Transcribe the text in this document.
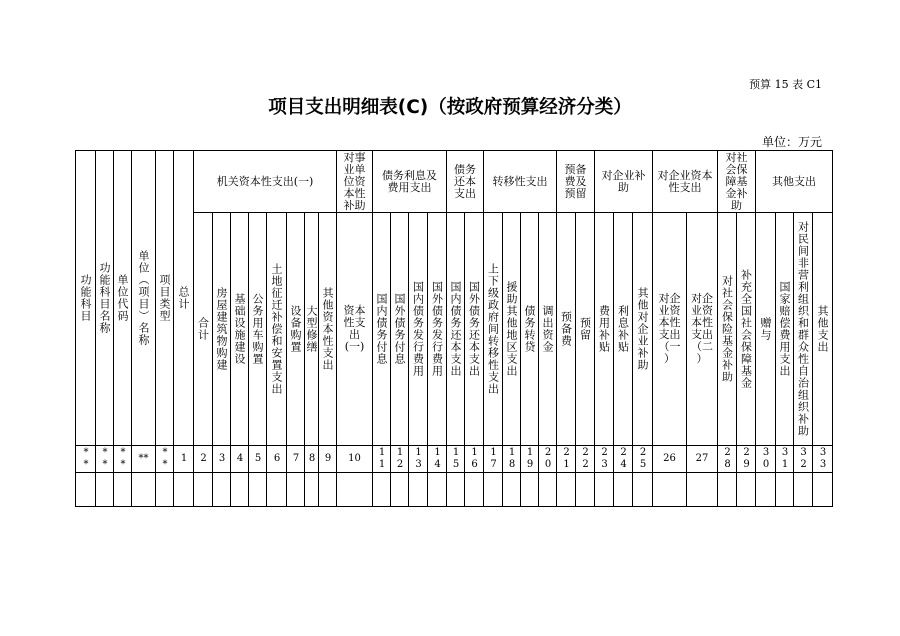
预算 15 表 C1
项目支出明细表(C)（按政府预算经济分类）
单位：万元
功能科目 功能科目名称 单位代码 单位（项目）名称 项目类型 总计
机关资本性支出(一)
对事业单位资本性补助
债务利息及费用支出
债务还本支出
转移性支出
预备费及预留
对企业补助
对企业资本性支出
对社会保障基金补助
其他支出
合计 房屋建筑物购建 基础设施建设 公务用车购置 土地征迁补偿和安置支出 设备购置 大型修缮 其他资本性支出 资本性支出(一) 国内债务付息 国外债务付息 国内债务发行费用 国外债务发行费用 国内债务还本支出 国外债务还本支出 上下级政府间转移性支出 援助其他地区支出 债务转贷 调出资金 预备费 预留 费用补贴 利息补贴 其他对企业补助 对企业资本性支出（一）
对企业资本性支出（二）	对社会保险基金补助 补充全国社会保障基金 赠与 国家赔偿费用支出 对民间非营利组织和群众性自治组织补助 其他支出
** ** ** ** ** 1 2 3 4 5 6 7 8 9 10 11 12 13 14 15 16 17 18 19 20 21 22 23 24 25 26 27 28 29 30 31 32 33
